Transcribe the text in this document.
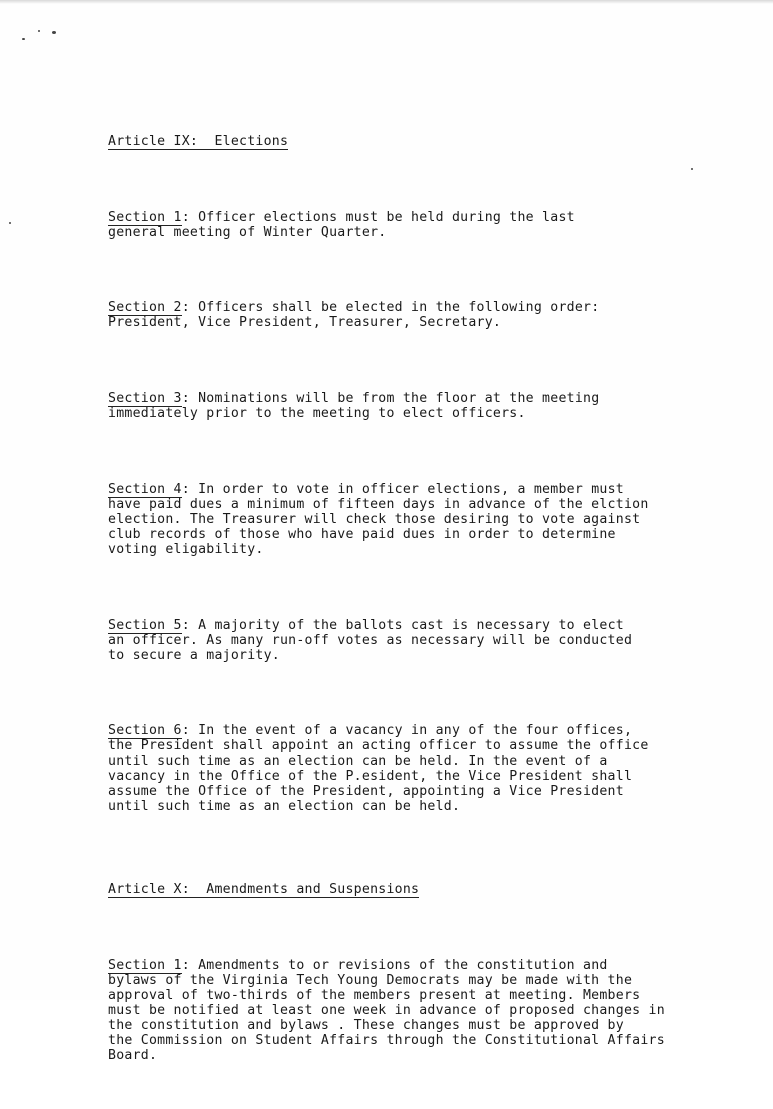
Article IX:  Elections

Section 1: Officer elections must be held during the last
general meeting of Winter Quarter.

Section 2: Officers shall be elected in the following order:
President, Vice President, Treasurer, Secretary.

Section 3: Nominations will be from the floor at the meeting
immediately prior to the meeting to elect officers.

Section 4: In order to vote in officer elections, a member must
have paid dues a minimum of fifteen days in advance of the elction
election. The Treasurer will check those desiring to vote against
club records of those who have paid dues in order to determine
voting eligability.

Section 5: A majority of the ballots cast is necessary to elect
an officer. As many run-off votes as necessary will be conducted
to secure a majority.

Section 6: In the event of a vacancy in any of the four offices,
the President shall appoint an acting officer to assume the office
until such time as an election can be held. In the event of a
vacancy in the Office of the P.esident, the Vice President shall
assume the Office of the President, appointing a Vice President
until such time as an election can be held.

Article X:  Amendments and Suspensions

Section 1: Amendments to or revisions of the constitution and
bylaws of the Virginia Tech Young Democrats may be made with the
approval of two-thirds of the members present at meeting. Members
must be notified at least one week in advance of proposed changes in
the constitution and bylaws . These changes must be approved by
the Commission on Student Affairs through the Constitutional Affairs
Board.
